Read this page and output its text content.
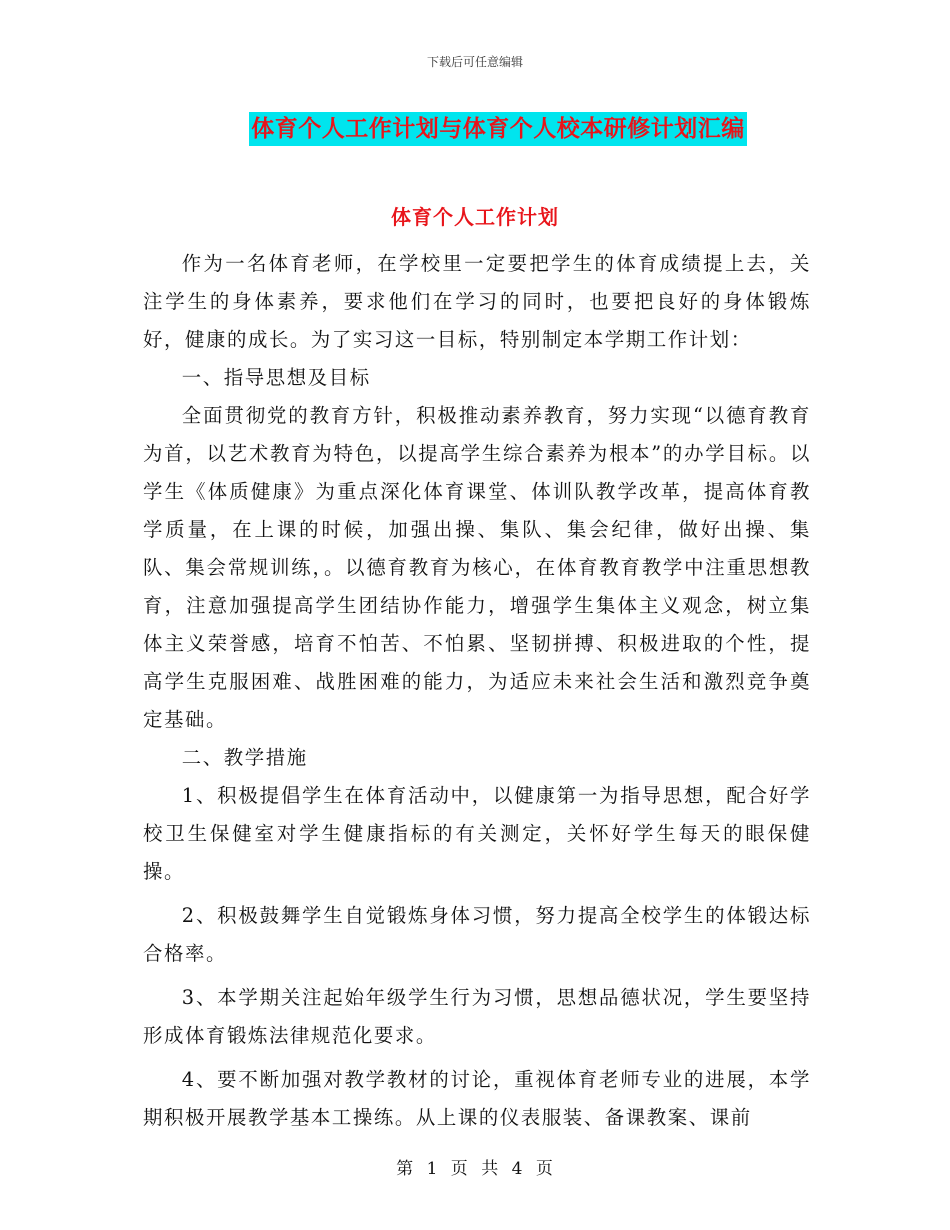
下载后可任意编辑
体育个人工作计划与体育个人校本研修计划汇编
体育个人工作计划

作为一名体育老师，在学校里一定要把学生的体育成绩提上去，关注学生的身体素养，要求他们在学习的同时，也要把良好的身体锻炼好，健康的成长。为了实习这一目标，特别制定本学期工作计划：

一、指导思想及目标

全面贯彻党的教育方针，积极推动素养教育，努力实现“以德育教育为首，以艺术教育为特色，以提高学生综合素养为根本”的办学目标。以学生《体质健康》为重点深化体育课堂、体训队教学改革，提高体育教学质量，在上课的时候，加强出操、集队、集会纪律，做好出操、集队、集会常规训练，。以德育教育为核心，在体育教育教学中注重思想教育，注意加强提高学生团结协作能力，增强学生集体主义观念，树立集体主义荣誉感，培育不怕苦、不怕累、坚韧拼搏、积极进取的个性，提高学生克服困难、战胜困难的能力，为适应未来社会生活和激烈竞争奠定基础。

二、教学措施

1、积极提倡学生在体育活动中，以健康第一为指导思想，配合好学校卫生保健室对学生健康指标的有关测定，关怀好学生每天的眼保健操。

2、积极鼓舞学生自觉锻炼身体习惯，努力提高全校学生的体锻达标合格率。

3、本学期关注起始年级学生行为习惯，思想品德状况，学生要坚持形成体育锻炼法律规范化要求。

4、要不断加强对教学教材的讨论，重视体育老师专业的进展，本学期积极开展教学基本工操练。从上课的仪表服装、备课教案、课前

第 1 页 共 4 页
